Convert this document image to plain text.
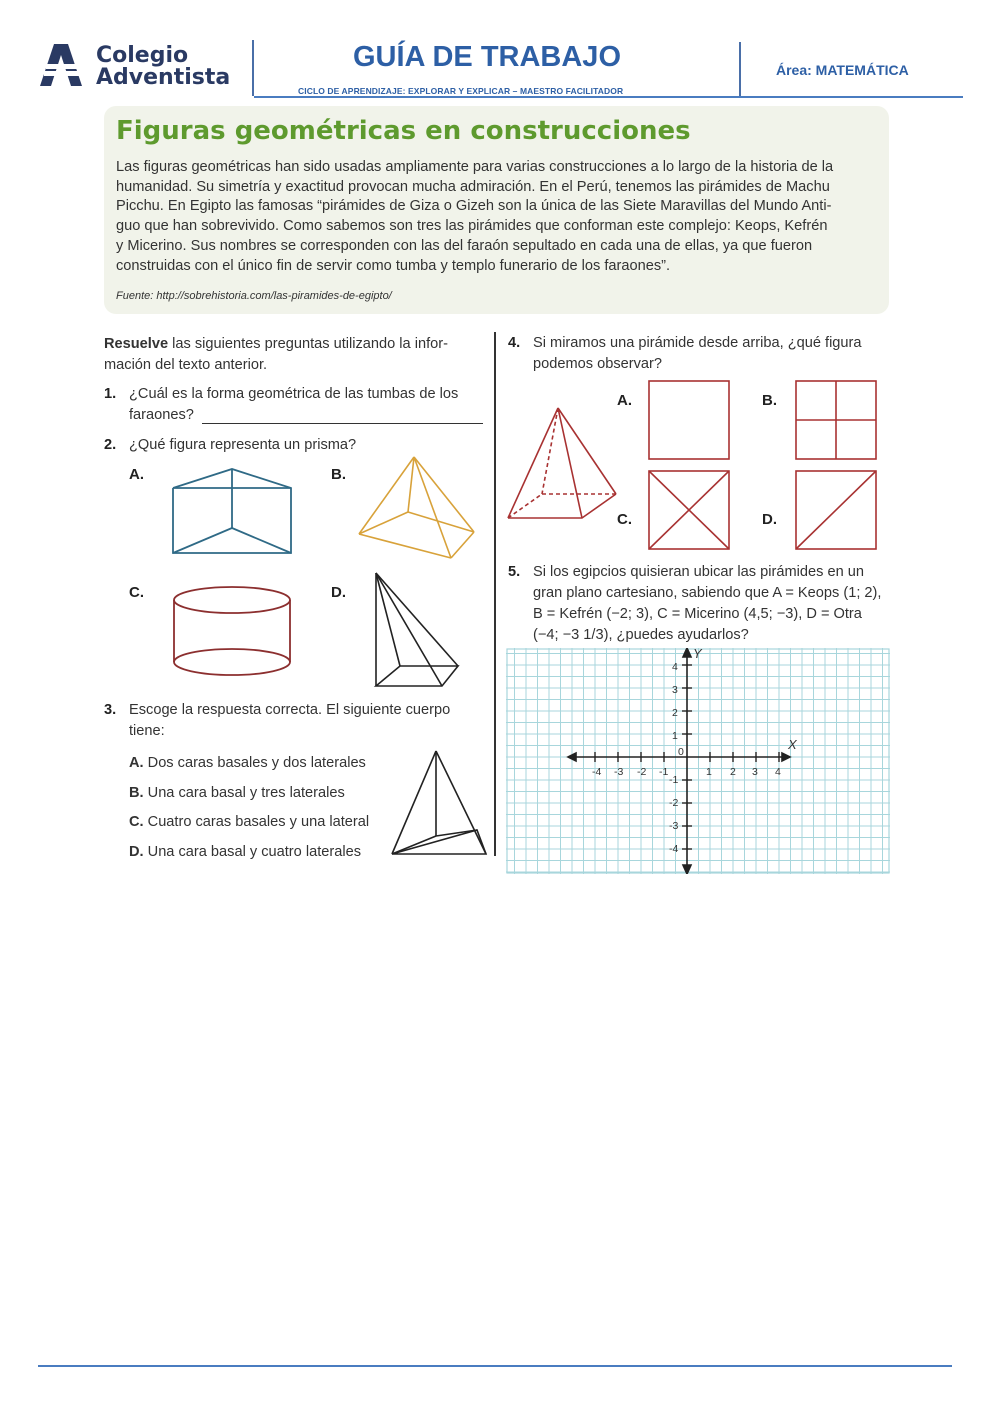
Colegio
Adventista
GUÍA DE TRABAJO
CICLO DE APRENDIZAJE: EXPLORAR Y EXPLICAR – MAESTRO FACILITADOR
Área: MATEMÁTICA
Figuras geométricas en construcciones
Las figuras geométricas han sido usadas ampliamente para varias construcciones a lo largo de la historia de la
humanidad. Su simetría y exactitud provocan mucha admiración. En el Perú, tenemos las pirámides de Machu
Picchu. En Egipto las famosas “pirámides de Giza o Gizeh son la única de las Siete Maravillas del Mundo Anti-
guo que han sobrevivido. Como sabemos son tres las pirámides que conforman este complejo: Keops, Kefrén
y Micerino. Sus nombres se corresponden con las del faraón sepultado en cada una de ellas, ya que fueron
construidas con el único fin de servir como tumba y templo funerario de los faraones”.
Fuente: http://sobrehistoria.com/las-piramides-de-egipto/
Resuelve las siguientes preguntas utilizando la infor-
mación del texto anterior.
1. ¿Cuál es la forma geométrica de las tumbas de los
faraones?
2. ¿Qué figura representa un prisma?
A.	B.
C.	D.
3. Escoge la respuesta correcta. El siguiente cuerpo
tiene:
A. Dos caras basales y dos laterales
B. Una cara basal y tres laterales
C. Cuatro caras basales y una lateral
D. Una cara basal y cuatro laterales
4. Si miramos una pirámide desde arriba, ¿qué figura
podemos observar?
A.	B.
C.	D.
5. Si los egipcios quisieran ubicar las pirámides en un
gran plano cartesiano, sabiendo que A = Keops (1; 2),
B = Kefrén (−2; 3), C = Micerino (4,5; −3), D = Otra
(−4; −3 1/3), ¿puedes ayudarlos?
X
Y
0
-4 -3 -2 -1	1 2 3 4
4
3
2
1
-1
-2
-3
-4
